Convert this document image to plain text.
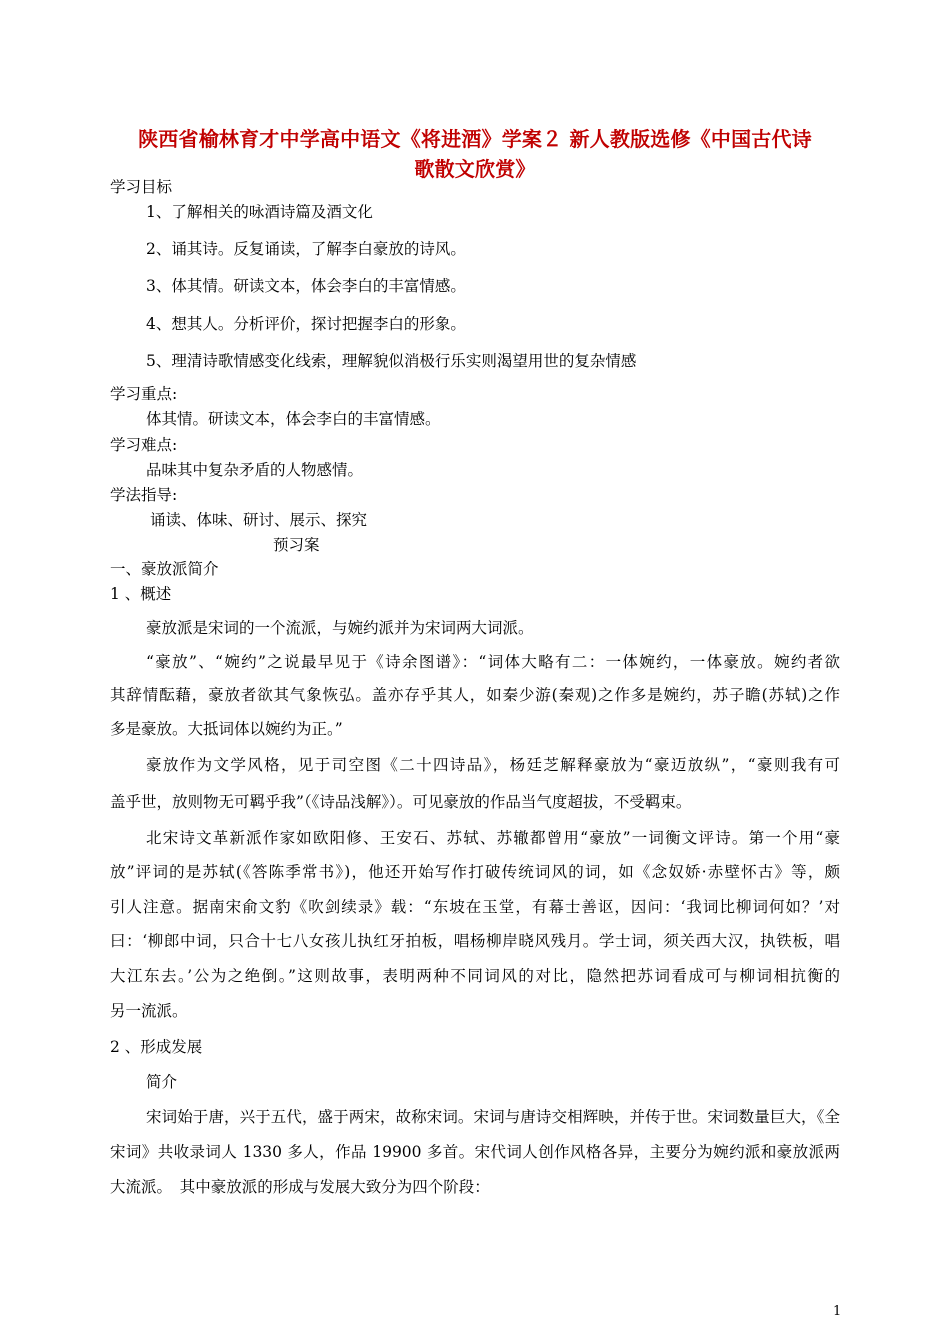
陕西省榆林育才中学高中语文《将进酒》学案２ 新人教版选修《中国古代诗
歌散文欣赏》
学习目标
1、了解相关的咏酒诗篇及酒文化
2、诵其诗。反复诵读，了解李白豪放的诗风。
3、体其情。研读文本，体会李白的丰富情感。
4、想其人。分析评价，探讨把握李白的形象。
5、理清诗歌情感变化线索，理解貌似消极行乐实则渴望用世的复杂情感
学习重点:
体其情。研读文本，体会李白的丰富情感。
学习难点:
品味其中复杂矛盾的人物感情。
学法指导:
诵读、体味、研讨、展示、探究
预习案
一、豪放派简介
1 、概述
豪放派是宋词的一个流派，与婉约派并为宋词两大词派。
“豪放”、“婉约”之说最早见于《诗余图谱》：“词体大略有二：一体婉约，一体豪放。婉约者欲
其辞情酝藉，豪放者欲其气象恢弘。盖亦存乎其人，如秦少游(秦观)之作多是婉约，苏子瞻(苏轼)之作
多是豪放。大抵词体以婉约为正。”
豪放作为文学风格，见于司空图《二十四诗品》，杨廷芝解释豪放为“豪迈放纵”，“豪则我有可
盖乎世，放则物无可羁乎我”（《诗品浅解》）。可见豪放的作品当气度超拔，不受羁束。
北宋诗文革新派作家如欧阳修、王安石、苏轼、苏辙都曾用“豪放”一词衡文评诗。第一个用“豪
放”评词的是苏轼(《答陈季常书》)，他还开始写作打破传统词风的词，如《念奴娇·赤壁怀古》等，颇
引人注意。据南宋俞文豹《吹剑续录》载：“东坡在玉堂，有幕士善讴，因问：‘我词比柳词何如？’对
曰：‘柳郎中词，只合十七八女孩儿执红牙拍板，唱杨柳岸晓风残月。学士词，须关西大汉，执铁板，唱
大江东去。’公为之绝倒。”这则故事，表明两种不同词风的对比，隐然把苏词看成可与柳词相抗衡的
另一流派。
2 、形成发展
简介
宋词始于唐，兴于五代，盛于两宋，故称宋词。宋词与唐诗交相辉映，并传于世。宋词数量巨大，《全
宋词》共收录词人 1330 多人，作品 19900 多首。宋代词人创作风格各异，主要分为婉约派和豪放派两
大流派。　其中豪放派的形成与发展大致分为四个阶段：
1
